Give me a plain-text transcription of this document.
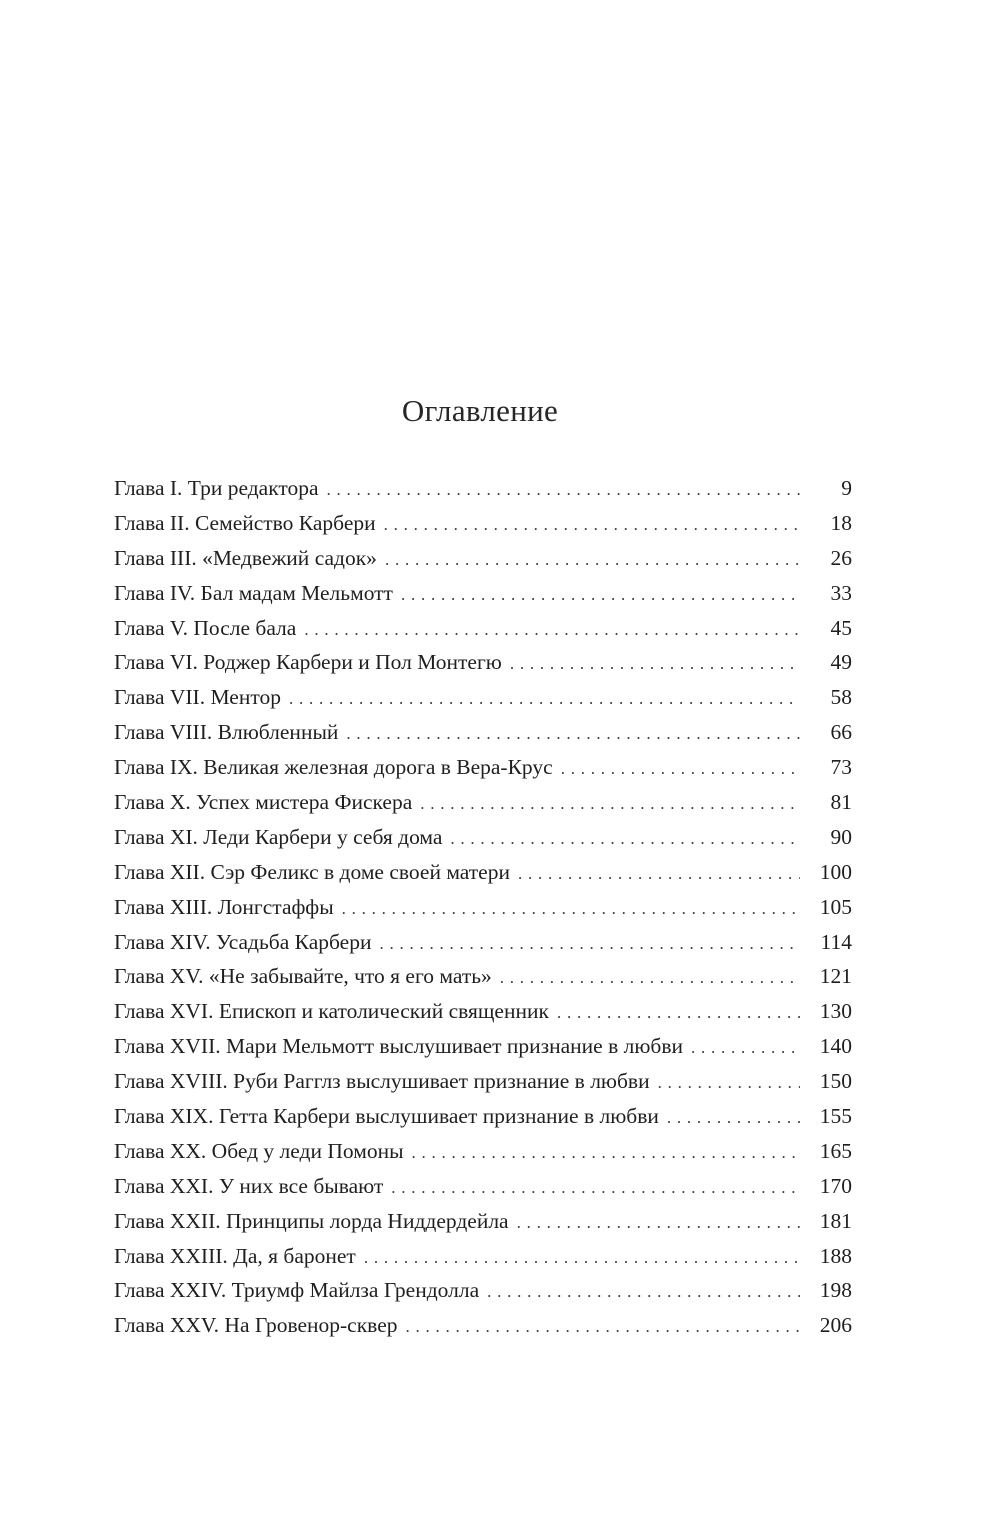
Оглавление
Глава I. Три редактора . . .	9
Глава II. Семейство Карбери . . .	18
Глава III. «Медвежий садок» . . .	26
Глава IV. Бал мадам Мельмотт . . .	33
Глава V. После бала . . .	45
Глава VI. Роджер Карбери и Пол Монтегю . . .	49
Глава VII. Ментор . . .	58
Глава VIII. Влюбленный . . .	66
Глава IX. Великая железная дорога в Вера-Крус . . .	73
Глава X. Успех мистера Фискера . . .	81
Глава XI. Леди Карбери у себя дома . . .	90
Глава XII. Сэр Феликс в доме своей матери . . .	100
Глава XIII. Лонгстаффы . . .	105
Глава XIV. Усадьба Карбери . . .	114
Глава XV. «Не забывайте, что я его мать» . . .	121
Глава XVI. Епископ и католический священник . . .	130
Глава XVII. Мари Мельмотт выслушивает признание в любви . . .	140
Глава XVIII. Руби Рагглз выслушивает признание в любви . . .	150
Глава XIX. Гетта Карбери выслушивает признание в любви . . .	155
Глава XX. Обед у леди Помоны . . .	165
Глава XXI. У них все бывают . . .	170
Глава XXII. Принципы лорда Ниддердейла . . .	181
Глава XXIII. Да, я баронет . . .	188
Глава XXIV. Триумф Майлза Грендолла . . .	198
Глава XXV. На Гровенор-сквер . . .	206
